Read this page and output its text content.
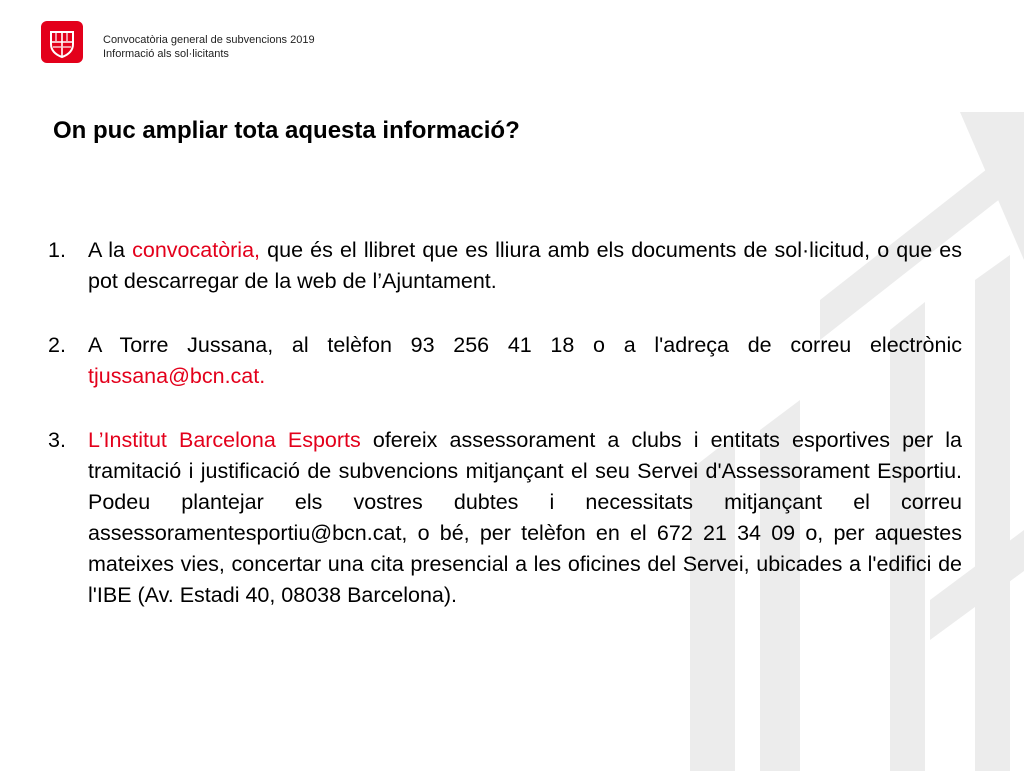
Convocatòria general de subvencions 2019
Informació als sol·licitants
On puc ampliar tota aquesta informació?
1. A la convocatòria, que és el llibret que es lliura amb els documents de sol·licitud, o que es pot descarregar de la web de l’Ajuntament.
2. A Torre Jussana, al telèfon 93 256 41 18 o a l'adreça de correu electrònic tjussana@bcn.cat.
3. L’Institut Barcelona Esports ofereix assessorament a clubs i entitats esportives per la tramitació i justificació de subvencions mitjançant el seu Servei d'Assessorament Esportiu. Podeu plantejar els vostres dubtes i necessitats mitjançant el correu assessoramentesportiu@bcn.cat, o bé, per telèfon en el 672 21 34 09 o, per aquestes mateixes vies, concertar una cita presencial a les oficines del Servei, ubicades a l'edifici de l'IBE (Av. Estadi 40, 08038 Barcelona).
